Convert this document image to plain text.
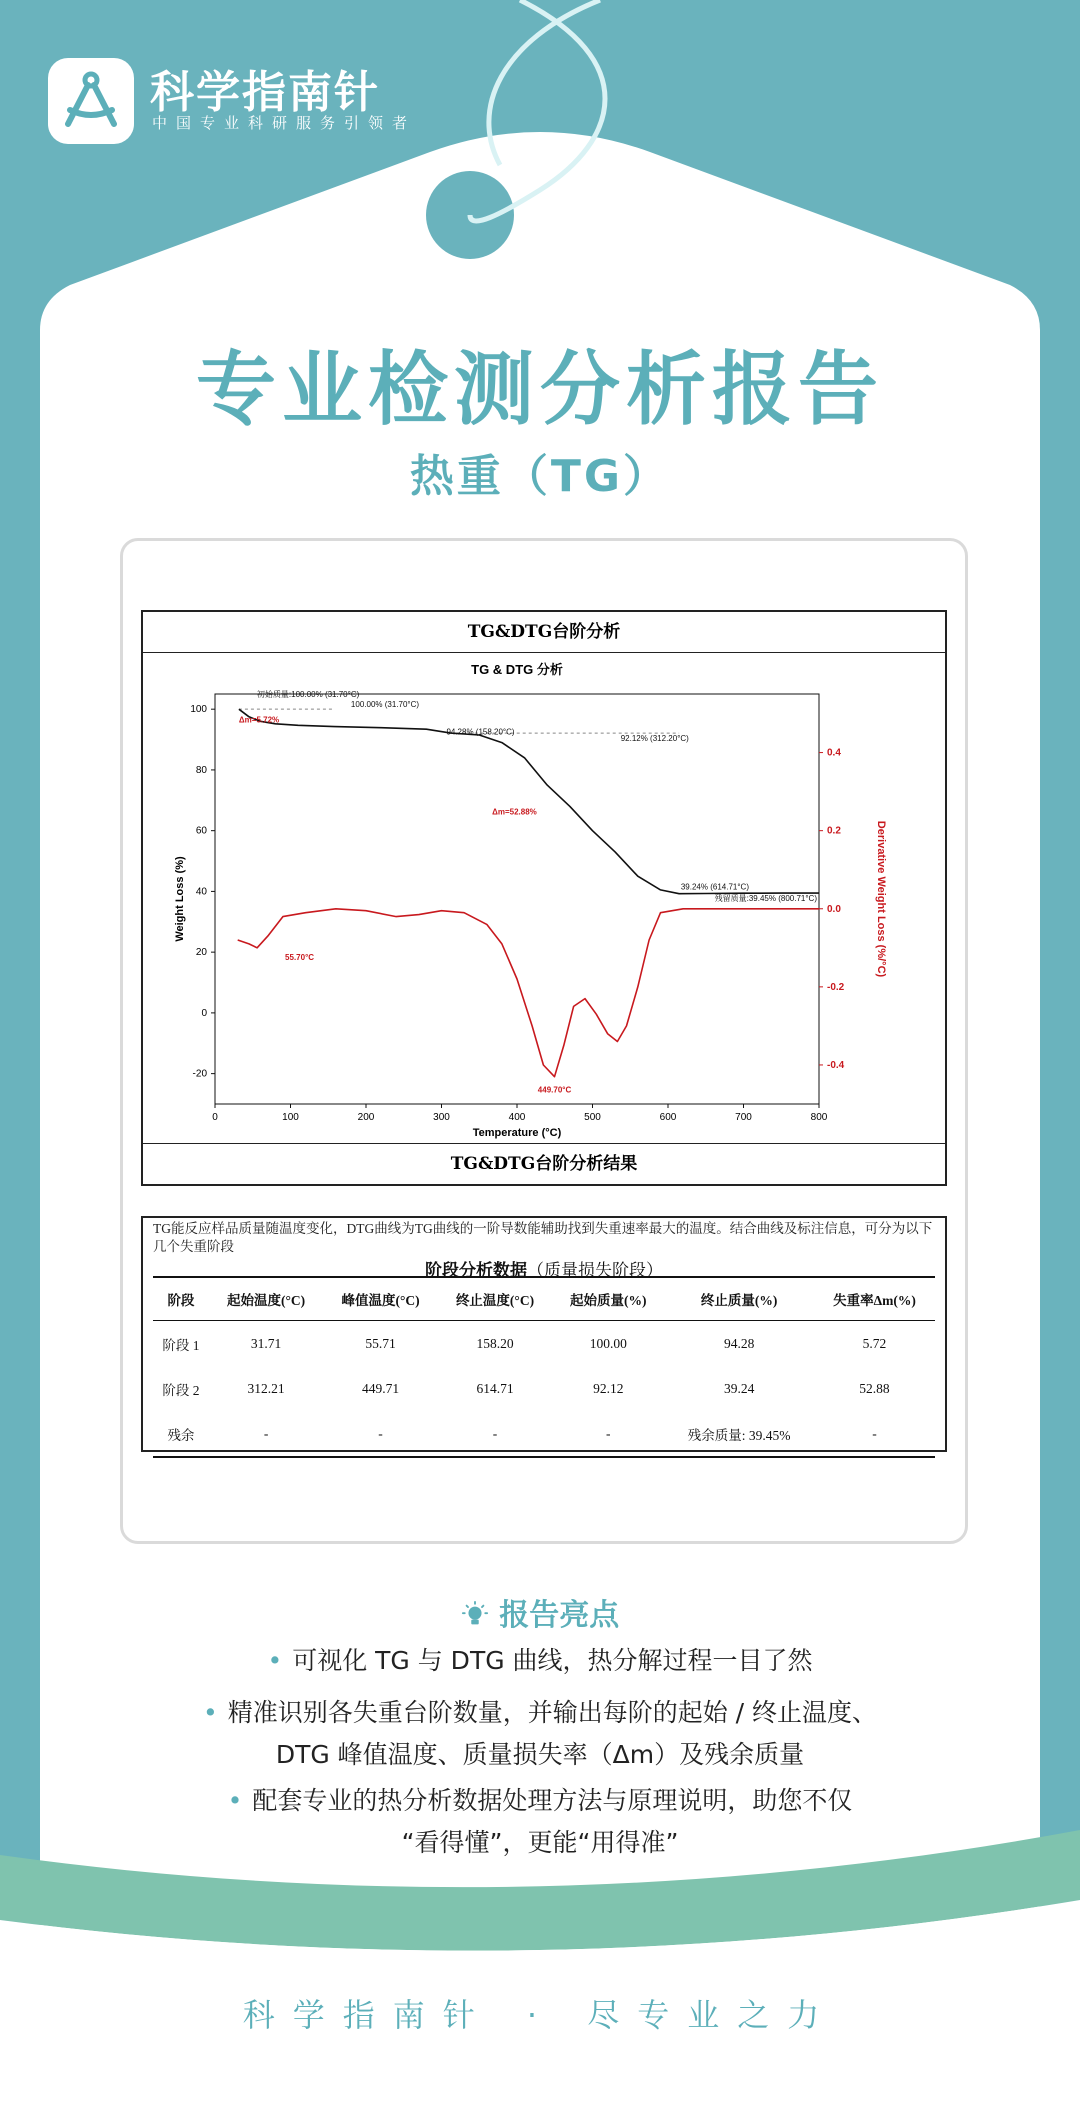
科学指南针
中国专业科研服务引领者
专业检测分析报告
热重（TG）
TG&DTG台阶分析
TG & DTG 分析
0	100	200	300	400	500	600	700	800
-20
0
20
40
60
80
100
-0.4
-0.2
0.0
0.2
0.4
Temperature (°C)
Weight Loss (%)	Derivative Weight Loss (%/°C)
初始质量:100.00% (31.70°C)
100.00% (31.70°C)
94.28% (158.20°C)
92.12% (312.20°C)
39.24% (614.71°C)
残留质量:39.45% (800.71°C)
Δm=5.72%
Δm=52.88%
55.70°C
449.70°C
TG&DTG台阶分析结果
TG能反应样品质量随温度变化，DTG曲线为TG曲线的一阶导数能辅助找到失重速率最大的温度。结合曲线及标注信息，可分为以下几个失重阶段
阶段分析数据（质量损失阶段）
阶段	起始温度(°C)	峰值温度(°C)	终止温度(°C)	起始质量(%)	终止质量(%)	失重率Δm(%)
阶段 1	31.71	55.71	158.20	100.00	94.28	5.72
阶段 2	312.21	449.71	614.71	92.12	39.24	52.88
残余	-	-	-	-	残余质量: 39.45%	-
报告亮点
• 可视化 TG 与 DTG 曲线，热分解过程一目了然
• 精准识别各失重台阶数量，并输出每阶的起始 / 终止温度、
DTG 峰值温度、质量损失率（Δm）及残余质量
• 配套专业的热分析数据处理方法与原理说明，助您不仅
“看得懂”，更能“用得准”
科学指南针 · 尽专业之力
